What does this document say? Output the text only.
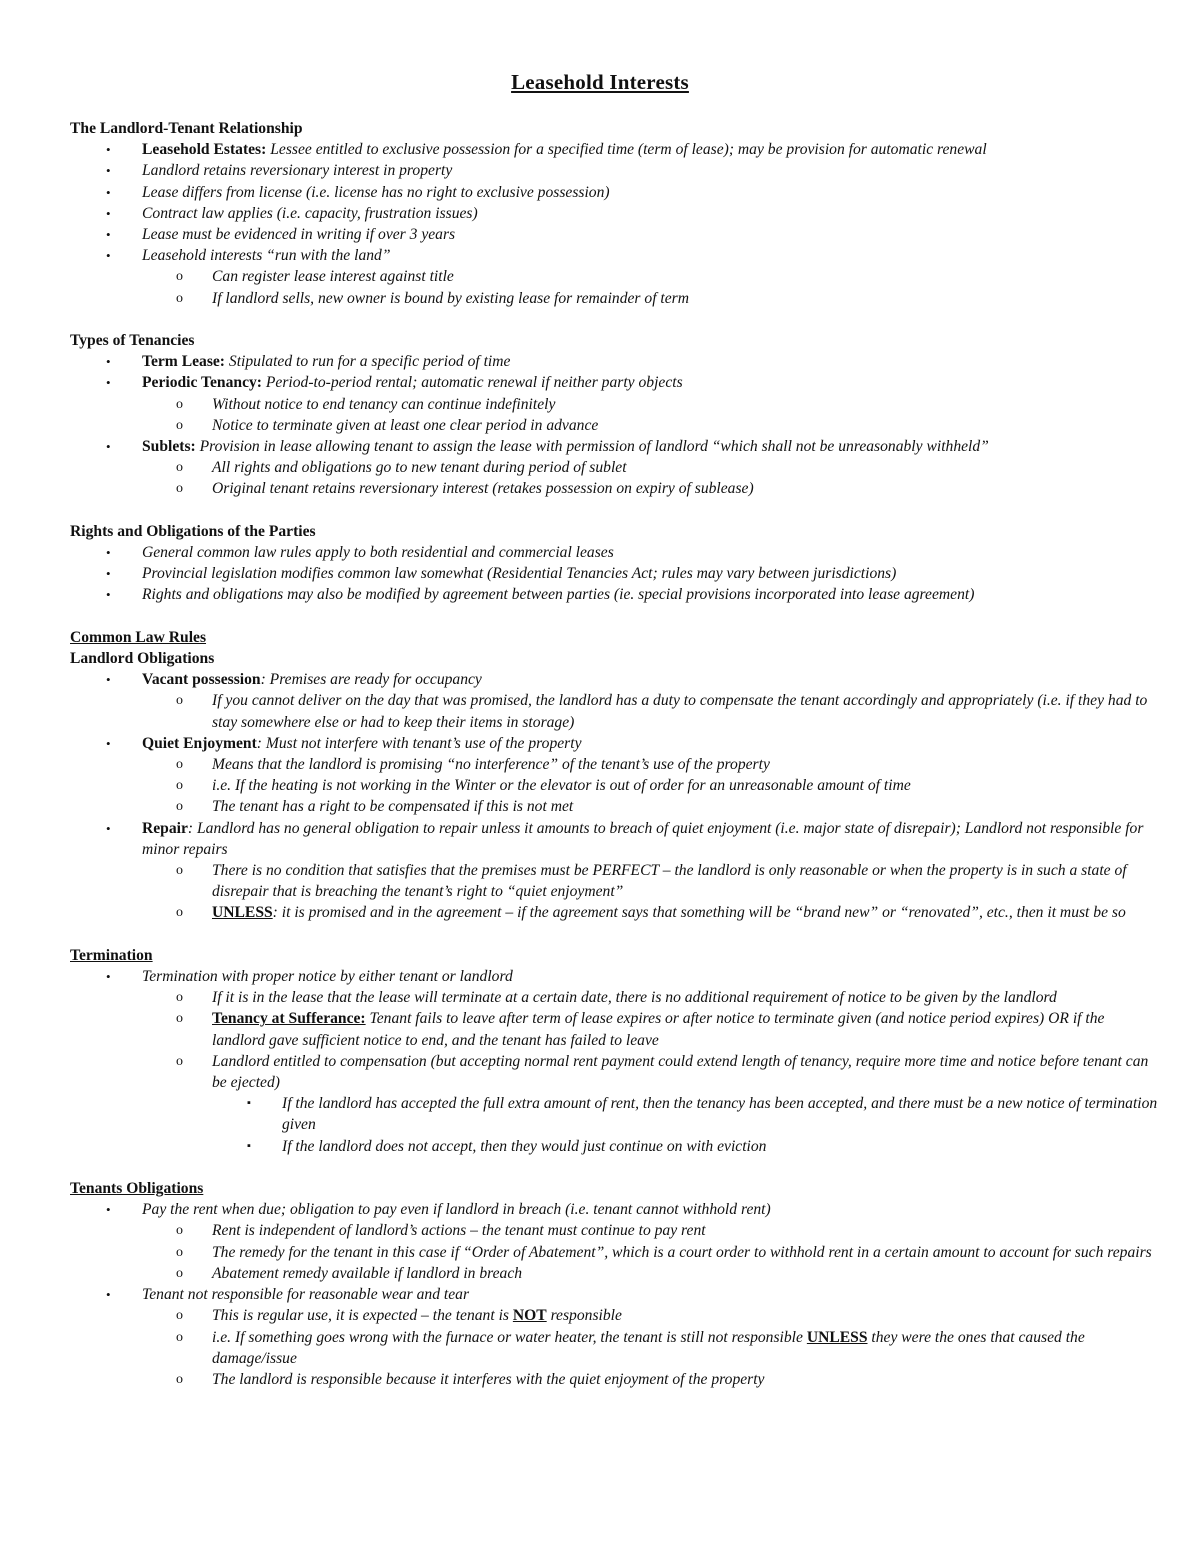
Leasehold Interests
The Landlord-Tenant Relationship
• Leasehold Estates: Lessee entitled to exclusive possession for a specified time (term of lease); may be provision for automatic renewal
• Landlord retains reversionary interest in property
• Lease differs from license (i.e. license has no right to exclusive possession)
• Contract law applies (i.e. capacity, frustration issues)
• Lease must be evidenced in writing if over 3 years
• Leasehold interests “run with the land”
o Can register lease interest against title
o If landlord sells, new owner is bound by existing lease for remainder of term
Types of Tenancies
• Term Lease: Stipulated to run for a specific period of time
• Periodic Tenancy: Period-to-period rental; automatic renewal if neither party objects
o Without notice to end tenancy can continue indefinitely
o Notice to terminate given at least one clear period in advance
• Sublets: Provision in lease allowing tenant to assign the lease with permission of landlord “which shall not be unreasonably withheld”
o All rights and obligations go to new tenant during period of sublet
o Original tenant retains reversionary interest (retakes possession on expiry of sublease)
Rights and Obligations of the Parties
• General common law rules apply to both residential and commercial leases
• Provincial legislation modifies common law somewhat (Residential Tenancies Act; rules may vary between jurisdictions)
• Rights and obligations may also be modified by agreement between parties (ie. special provisions incorporated into lease agreement)
Common Law Rules
Landlord Obligations
• Vacant possession: Premises are ready for occupancy
o If you cannot deliver on the day that was promised, the landlord has a duty to compensate the tenant accordingly and appropriately (i.e. if they had to stay somewhere else or had to keep their items in storage)
• Quiet Enjoyment: Must not interfere with tenant’s use of the property
o Means that the landlord is promising “no interference” of the tenant’s use of the property
o i.e. If the heating is not working in the Winter or the elevator is out of order for an unreasonable amount of time
o The tenant has a right to be compensated if this is not met
• Repair: Landlord has no general obligation to repair unless it amounts to breach of quiet enjoyment (i.e. major state of disrepair); Landlord not responsible for minor repairs
o There is no condition that satisfies that the premises must be PERFECT – the landlord is only reasonable or when the property is in such a state of disrepair that is breaching the tenant’s right to “quiet enjoyment”
o UNLESS: it is promised and in the agreement – if the agreement says that something will be “brand new” or “renovated”, etc., then it must be so
Termination
• Termination with proper notice by either tenant or landlord
o If it is in the lease that the lease will terminate at a certain date, there is no additional requirement of notice to be given by the landlord
o Tenancy at Sufferance: Tenant fails to leave after term of lease expires or after notice to terminate given (and notice period expires) OR if the landlord gave sufficient notice to end, and the tenant has failed to leave
o Landlord entitled to compensation (but accepting normal rent payment could extend length of tenancy, require more time and notice before tenant can be ejected)
▪ If the landlord has accepted the full extra amount of rent, then the tenancy has been accepted, and there must be a new notice of termination given
▪ If the landlord does not accept, then they would just continue on with eviction
Tenants Obligations
• Pay the rent when due; obligation to pay even if landlord in breach (i.e. tenant cannot withhold rent)
o Rent is independent of landlord’s actions – the tenant must continue to pay rent
o The remedy for the tenant in this case if “Order of Abatement”, which is a court order to withhold rent in a certain amount to account for such repairs
o Abatement remedy available if landlord in breach
• Tenant not responsible for reasonable wear and tear
o This is regular use, it is expected – the tenant is NOT responsible
o i.e. If something goes wrong with the furnace or water heater, the tenant is still not responsible UNLESS they were the ones that caused the damage/issue
o The landlord is responsible because it interferes with the quiet enjoyment of the property
